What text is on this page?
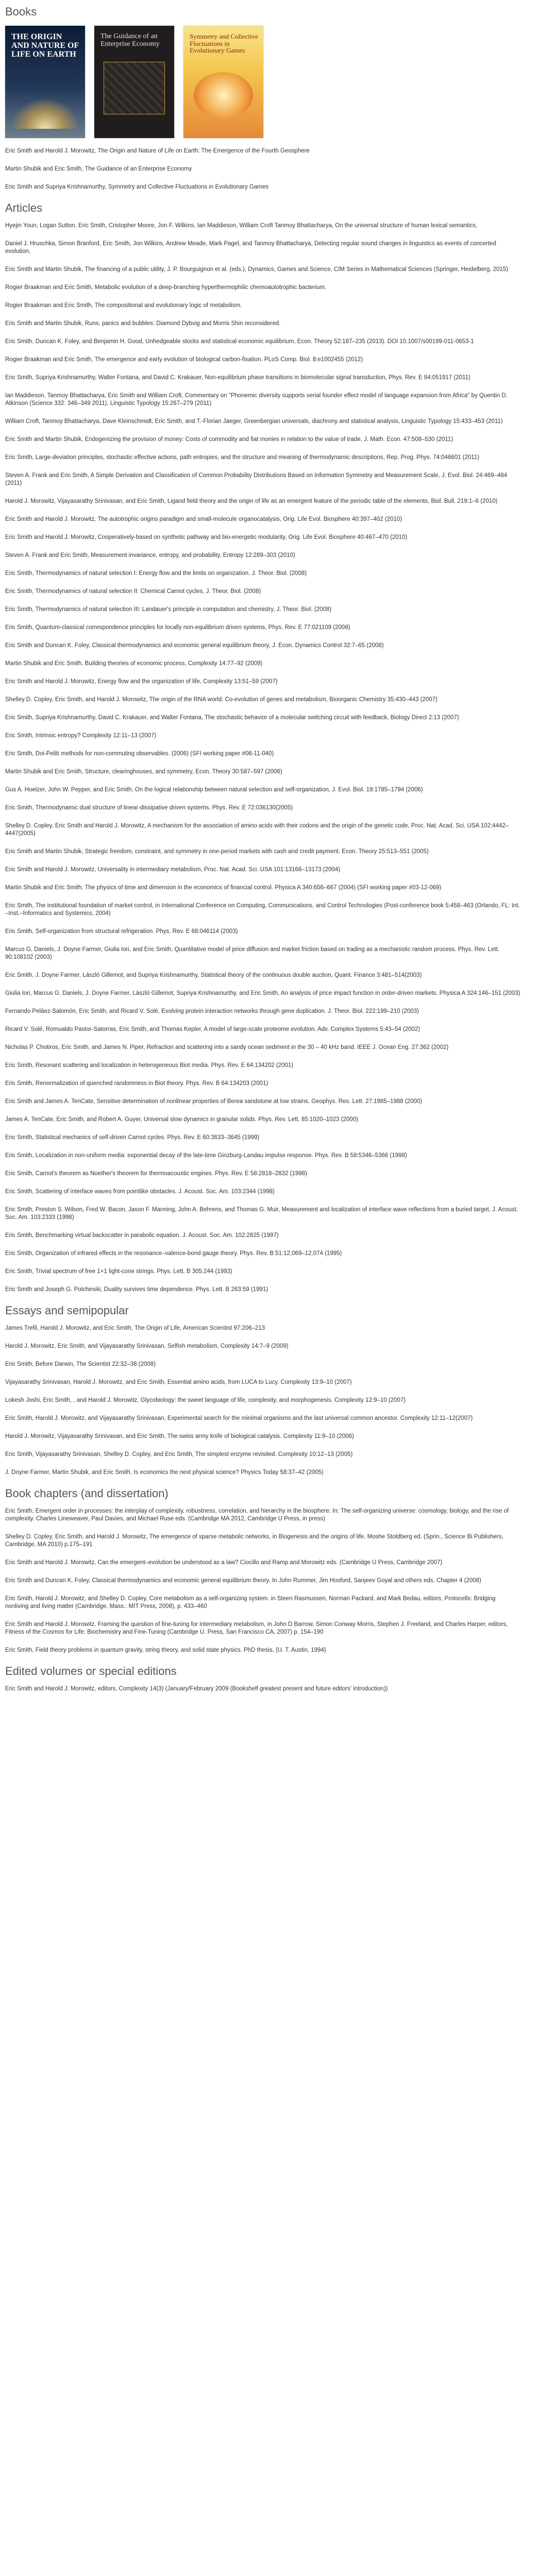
Books
THE ORIGIN AND NATURE OF LIFE ON EARTH
The Guidance of an Enterprise Economy
Symmetry and Collective Fluctuations in Evolutionary Games
Eric Smith and Harold J. Morowitz, The Origin and Nature of Life on Earth: The Emergence of the Fourth Geosphere
Martin Shubik and Eric Smith, The Guidance of an Enterprise Economy
Eric Smith and Supriya Krishnamurthy, Symmetry and Collective Fluctuations in Evolutionary Games
Articles
Hyejin Youn, Logan Sutton, Eric Smith, Cristopher Moore, Jon F. Wilkins, Ian Maddieson, William Croft Tanmoy Bhattacharya, On the universal structure of human lexical semantics,
Daniel J. Hruschka, Simon Branford, Eric Smith, Jon Wilkins, Andrew Meade, Mark Pagel, and Tanmoy Bhattacharya, Detecting regular sound changes in linguistics as events of concerted evolution,
Eric Smith and Martin Shubik, The financing of a public utility, J. P. Bourguignon et al. (eds.), Dynamics, Games and Science, CIM Series in Mathematical Sciences (Springer, Heidelberg, 2015)
Rogier Braakman and Eric Smith, Metabolic evolution of a deep-branching hyperthermophilic chemoautotrophic bacterium.
Rogier Braakman and Eric Smith, The compositional and evolutionary logic of metabolism.
Eric Smith and Martin Shubik, Runs, panics and bubbles: Diamond Dybvig and Morris Shin reconsidered.
Eric Smith, Duncan K. Foley, and Benjamin H. Good, Unhedgeable stocks and statistical economic equilibrium, Econ. Theory 52:187–235 (2013). DOI 10.1007/s00199-011-0653-1
Rogier Braakman and Eric Smith, The emergence and early evolution of biological carbon-fixation. PLoS Comp. Biol. 8:e1002455 (2012)
Eric Smith, Supriya Krishnamurthy, Walter Fontana, and David C. Krakauer, Non-equilibrium phase transitions in biomolecular signal transduction, Phys. Rev. E 84:051917 (2011)
Ian Maddieson, Tanmoy Bhattacharya, Eric Smith and William Croft, Commentary on "Phonemic diversity supports serial founder effect model of language expansion from Africa" by Quentin D. Atkinson (Science 332: 346–349 2011). Linguistic Typology 15:267–279 (2011)
William Croft, Tanmoy Bhattacharya, Dave Kleinschmidt, Eric Smith, and T.-Florian Jaeger, Greenbergian universals, diachrony and statistical analysis, Linguistic Typology 15:433–453 (2011)
Eric Smith and Martin Shubik, Endogenizing the provision of money: Costs of commodity and fiat monies in relation to the value of trade, J. Math. Econ. 47:508–530 (2011)
Eric Smith, Large-deviation principles, stochastic effective actions, path entropies, and the structure and meaning of thermodynamic descriptions, Rep. Prog. Phys. 74:046601 (2011)
Steven A. Frank and Eric Smith, A Simple Derivation and Classification of Common Probability Distributions Based on Information Symmetry and Measurement Scale, J. Evol. Biol. 24:469–484 (2011)
Harold J. Morowitz, Vijayasarathy Srinivasan, and Eric Smith, Ligand field theory and the origin of life as an emergent feature of the periodic table of the elements, Biol. Bull. 219:1–6 (2010)
Eric Smith and Harold J. Morowitz, The autotrophic origins paradigm and small-molecule organocatalysis, Orig. Life Evol. Biosphere 40:397–402 (2010)
Eric Smith and Harold J. Morowitz, Cooperatively-based on synthetic pathway and bio-energetic modularity, Orig. Life Evol. Biosphere 40:467–470 (2010)
Steven A. Frank and Eric Smith, Measurement invariance, entropy, and probability, Entropy 12:289–303 (2010)
Eric Smith, Thermodynamics of natural selection I: Energy flow and the limits on organization. J. Theor. Biol. (2008)
Eric Smith, Thermodynamics of natural selection II: Chemical Carnot cycles, J. Theor. Biol. (2008)
Eric Smith, Thermodynamics of natural selection III: Landauer's principle in computation and chemistry, J. Theor. Biol. (2008)
Eric Smith, Quantum-classical correspondence principles for locally non-equilibrium driven systems, Phys. Rev. E 77:021109 (2008)
Eric Smith and Duncan K. Foley, Classical thermodynamics and economic general equilibrium theory, J. Econ. Dynamics Control 32:7–65 (2008)
Martin Shubik and Eric Smith, Building theories of economic process, Complexity 14:77–92 (2009)
Eric Smith and Harold J. Morowitz, Energy flow and the organization of life, Complexity 13:51–59 (2007)
Shelley D. Copley, Eric Smith, and Harold J. Morowitz, The origin of the RNA world: Co-evolution of genes and metabolism, Bioorganic Chemistry 35:430–443 (2007)
Eric Smith, Supriya Krishnamurthy, David C. Krakauer, and Walter Fontana, The stochastic behavior of a molecular switching circuit with feedback, Biology Direct 2:13 (2007)
Eric Smith, Intrinsic entropy? Complexity 12:11–13 (2007)
Eric Smith, Doi-Peliti methods for non-commuting observables. (2006) (SFI working paper #06-11-040)
Martin Shubik and Eric Smith, Structure, clearinghouses, and symmetry, Econ. Theory 30:587–597 (2006)
Gus A. Hoelzer, John W. Pepper, and Eric Smith, On the logical relationship between natural selection and self-organization, J. Evol. Biol. 19:1785–1794 (2006)
Eric Smith, Thermodynamic dual structure of linear-dissipative driven systems, Phys. Rev. E 72:036130(2005)
Shelley D. Copley, Eric Smith and Harold J. Morowitz, A mechanism for the association of amino acids with their codons and the origin of the genetic code, Proc. Nat. Acad. Sci. USA 102:4442–4447(2005)
Eric Smith and Martin Shubik, Strategic freedom, constraint, and symmetry in one-period markets with cash and credit payment. Econ. Theory 25:513–551 (2005)
Eric Smith and Harold J. Morowitz, Universality in intermediary metabolism, Proc. Nat. Acad. Sci. USA 101:13168–13173 (2004)
Martin Shubik and Eric Smith, The physics of time and dimension in the economics of financial control. Physica A 340:656–667 (2004) (SFI working paper #03-12-069)
Eric Smith, The institutional foundation of market control, in International Conference on Computing, Communications, and Control Technologies (Post-conference book 5:458–463 (Orlando, FL: Int. –Inst.–Informatics and Systemics, 2004)
Eric Smith, Self-organization from structural refrigeration. Phys. Rev. E 68:046114 (2003)
Marcus G. Daniels, J. Doyne Farmer, Giulia Iori, and Eric Smith, Quantitative model of price diffusion and market friction based on trading as a mechanistic random process. Phys. Rev. Lett. 90:108102 (2003)
Eric Smith, J. Doyne Farmer, László Gillemot, and Supriya Krishnamurthy, Statistical theory of the continuous double auction, Quant. Finance 3:481–514(2003)
Giulia Iori, Marcus G. Daniels, J. Doyne Farmer, László Gillemot, Supriya Krishnamurthy, and Eric Smith, An analysis of price impact function in order-driven markets. Physica A 324:146–151 (2003)
Fernando Peláez-Salomón, Eric Smith, and Ricard V. Solé, Evolving protein interaction networks through gene duplication. J. Theor. Biol. 222:199–210 (2003)
Ricard V. Solé, Romualdo Pastor-Satorras, Eric Smith, and Thomas Kepler, A model of large-scale proteome evolution. Adv. Complex Systems 5:43–54 (2002)
Nicholas P. Chotiros, Eric Smith, and James N. Piper, Refraction and scattering into a sandy ocean sediment in the 30 – 40 kHz band. IEEE J. Ocean Eng. 27:362 (2002)
Eric Smith, Resonant scattering and localization in heterogeneous Biot media. Phys. Rev. E 64:134202 (2001)
Eric Smith, Renormalization of quenched randomness in Biot theory. Phys. Rev. B 64:134203 (2001)
Eric Smith and James A. TenCate, Sensitive determination of nonlinear properties of Berea sandstone at low strains. Geophys. Res. Lett. 27:1985–1988 (2000)
James A. TenCate, Eric Smith, and Robert A. Guyer, Universal slow dynamics in granular solids. Phys. Rev. Lett. 85:1020–1023 (2000)
Eric Smith, Statistical mechanics of self-driven Carnot cycles. Phys. Rev. E 60:3633–3645 (1999)
Eric Smith, Localization in non-uniform media: exponential decay of the late-time Ginzburg-Landau impulse response. Phys. Rev. B 58:5346–5366 (1998)
Eric Smith, Carnot's theorem as Noether's theorem for thermoacoustic engines. Phys. Rev. E 58:2818–2832 (1998)
Eric Smith, Scattering of interface waves from pointlike obstacles. J. Acoust. Soc. Am. 103:2344 (1998)
Eric Smith, Preston S. Wilson, Fred W. Bacon, Jason F. Manning, John A. Behrens, and Thomas G. Muir, Measurement and localization of interface wave reflections from a buried target. J. Acoust. Soc. Am. 103:2333 (1998)
Eric Smith, Benchmarking virtual backscatter in parabolic equation. J. Acoust. Soc. Am. 102:2825 (1997)
Eric Smith, Organization of infrared effects in the resonance–valence-bond gauge theory. Phys. Rev. B 51:12,069–12,074 (1995)
Eric Smith, Trivial spectrum of free 1+1 light-cone strings. Phys. Lett. B 305:244 (1993)
Eric Smith and Joseph G. Polchinski, Duality survives time dependence. Phys. Lett. B 263:59 (1991)
Essays and semipopular
James Trefil, Harold J. Morowitz, and Eric Smith, The Origin of Life, American Scientist 97:206–213
Harold J. Morowitz, Eric Smith, and Vijayasarathy Srinivasan, Selfish metabolism, Complexity 14:7–9 (2009)
Eric Smith, Before Darwin, The Scientist 22:32–38 (2008)
Vijayasarathy Srinivasan, Harold J. Morowitz, and Eric Smith, Essential amino acids, from LUCA to Lucy. Complexity 13:9–10 (2007)
Lokesh Joshi, Eric Smith, , and Harold J. Morowitz, Glycobiology: the sweet language of life, complexity, and morphogenesis. Complexity 12:9–10 (2007)
Eric Smith, Harold J. Morowitz, and Vijayasarathy Srinivasan, Experimental search for the minimal organisms and the last universal common ancestor. Complexity 12:11–12(2007)
Harold J. Morowitz, Vijayasarathy Srinivasan, and Eric Smith, The swiss army knife of biological catalysis. Complexity 11:9–10 (2006)
Eric Smith, Vijayasarathy Srinivasan, Shelley D. Copley, and Eric Smith, The simplest enzyme revisited. Complexity 10:12–13 (2005)
J. Doyne Farmer, Martin Shubik, and Eric Smith, Is economics the next physical science? Physics Today 58:37–42 (2005)
Book chapters (and dissertation)
Eric Smith, Emergent order in processes: the interplay of complexity, robustness, correlation, and hierarchy in the biosphere. In: The self-organizing universe: cosmology, biology, and the rise of complexity. Charles Lineweaver, Paul Davies, and Michael Ruse eds. (Cambridge MA 2012, Cambridge U Press, in press)
Shelley D. Copley, Eric Smith, and Harold J. Morowitz, The emergence of sparse metabolic networks, in Biogenesis and the origins of life, Moshe Stoldberg ed. (Sprin., Science Bi Publishers, Cambridge, MA 2010) p.175–191
Eric Smith and Harold J. Morowitz, Can the emergent–evolution be understood as a law? Ciocillo and Ramp and Morowitz eds. (Cambridge U Press, Cambridge 2007)
Eric Smith and Duncan K. Foley, Classical thermodynamics and economic general equilibrium theory. In John Rummer, Jim Hosford, Sanjeev Goyal and others eds, Chapter 4 (2008)
Eric Smith, Harold J. Morowitz, and Shelley D. Copley, Core metabolism as a self-organizing system. in Steen Rasmussen, Norman Packard, and Mark Bedau, editors, Protocells: Bridging nonliving and living matter (Cambridge, Mass.: MIT Press, 2008), p. 433–460
Eric Smith and Harold J. Morowitz, Framing the question of fine-tuning for intermediary metabolism, in John D Barrow, Simon Conway Morris, Stephen J. Freeland, and Charles Harper, editors, Fitness of the Cosmos for Life: Biochemistry and Fine-Tuning (Cambridge U. Press, San Francisco CA, 2007) p. 154–190
Eric Smith, Field theory problems in quantum gravity, string theory, and solid state physics. PhD thesis, (U. T. Austin, 1994)
Edited volumes or special editions
Eric Smith and Harold J. Morowitz, editors, Complexity 14(3) (January/February 2009 (Bookshelf greatest present and future editors' introduction))
